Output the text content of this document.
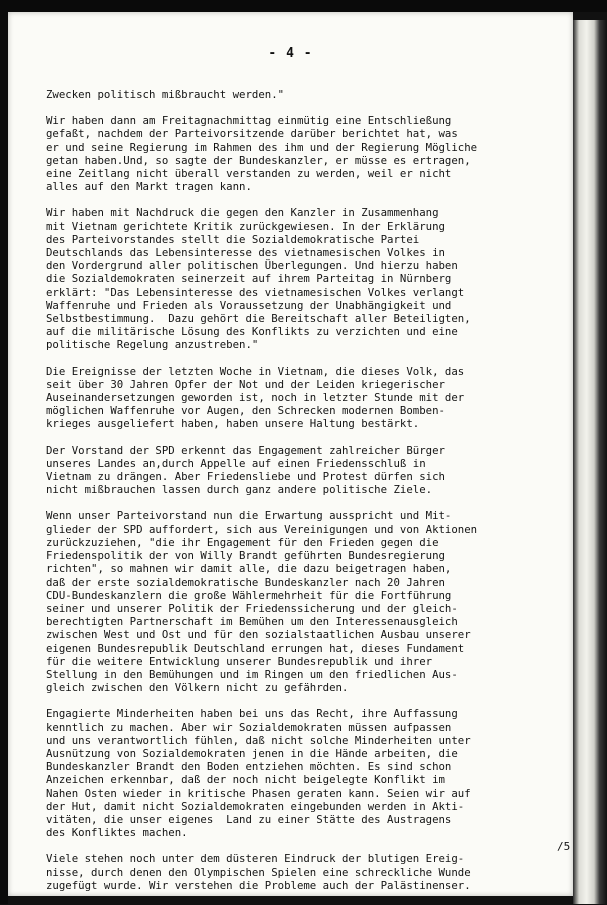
- 4 -
Zwecken politisch mißbraucht werden."
Wir haben dann am Freitagnachmittag einmütig eine Entschließung
gefaßt, nachdem der Parteivorsitzende darüber berichtet hat, was
er und seine Regierung im Rahmen des ihm und der Regierung Mögliche
getan haben.Und, so sagte der Bundeskanzler, er müsse es ertragen,
eine Zeitlang nicht überall verstanden zu werden, weil er nicht
alles auf den Markt tragen kann.
Wir haben mit Nachdruck die gegen den Kanzler in Zusammenhang
mit Vietnam gerichtete Kritik zurückgewiesen. In der Erklärung
des Parteivorstandes stellt die Sozialdemokratische Partei
Deutschlands das Lebensinteresse des vietnamesischen Volkes in
den Vordergrund aller politischen Überlegungen. Und hierzu haben
die Sozialdemokraten seinerzeit auf ihrem Parteitag in Nürnberg
erklärt: "Das Lebensinteresse des vietnamesischen Volkes verlangt
Waffenruhe und Frieden als Voraussetzung der Unabhängigkeit und
Selbstbestimmung.  Dazu gehört die Bereitschaft aller Beteiligten,
auf die militärische Lösung des Konflikts zu verzichten und eine
politische Regelung anzustreben."
Die Ereignisse der letzten Woche in Vietnam, die dieses Volk, das
seit über 30 Jahren Opfer der Not und der Leiden kriegerischer
Auseinandersetzungen geworden ist, noch in letzter Stunde mit der
möglichen Waffenruhe vor Augen, den Schrecken modernen Bomben-
krieges ausgeliefert haben, haben unsere Haltung bestärkt.
Der Vorstand der SPD erkennt das Engagement zahlreicher Bürger
unseres Landes an,durch Appelle auf einen Friedensschluß in
Vietnam zu drängen. Aber Friedensliebe und Protest dürfen sich
nicht mißbrauchen lassen durch ganz andere politische Ziele.
Wenn unser Parteivorstand nun die Erwartung ausspricht und Mit-
glieder der SPD auffordert, sich aus Vereinigungen und von Aktionen
zurückzuziehen, "die ihr Engagement für den Frieden gegen die
Friedenspolitik der von Willy Brandt geführten Bundesregierung
richten", so mahnen wir damit alle, die dazu beigetragen haben,
daß der erste sozialdemokratische Bundeskanzler nach 20 Jahren
CDU-Bundeskanzlern die große Wählermehrheit für die Fortführung
seiner und unserer Politik der Friedenssicherung und der gleich-
berechtigten Partnerschaft im Bemühen um den Interessenausgleich
zwischen West und Ost und für den sozialstaatlichen Ausbau unserer
eigenen Bundesrepublik Deutschland errungen hat, dieses Fundament
für die weitere Entwicklung unserer Bundesrepublik und ihrer
Stellung in den Bemühungen und im Ringen um den friedlichen Aus-
gleich zwischen den Völkern nicht zu gefährden.
Engagierte Minderheiten haben bei uns das Recht, ihre Auffassung
kenntlich zu machen. Aber wir Sozialdemokraten müssen aufpassen
und uns verantwortlich fühlen, daß nicht solche Minderheiten unter
Ausnützung von Sozialdemokraten jenen in die Hände arbeiten, die
Bundeskanzler Brandt den Boden entziehen möchten. Es sind schon
Anzeichen erkennbar, daß der noch nicht beigelegte Konflikt im
Nahen Osten wieder in kritische Phasen geraten kann. Seien wir auf
der Hut, damit nicht Sozialdemokraten eingebunden werden in Akti-
vitäten, die unser eigenes  Land zu einer Stätte des Austragens
des Konfliktes machen.
Viele stehen noch unter dem düsteren Eindruck der blutigen Ereig-
nisse, durch denen den Olympischen Spielen eine schreckliche Wunde
zugefügt wurde. Wir verstehen die Probleme auch der Palästinenser.
/5
